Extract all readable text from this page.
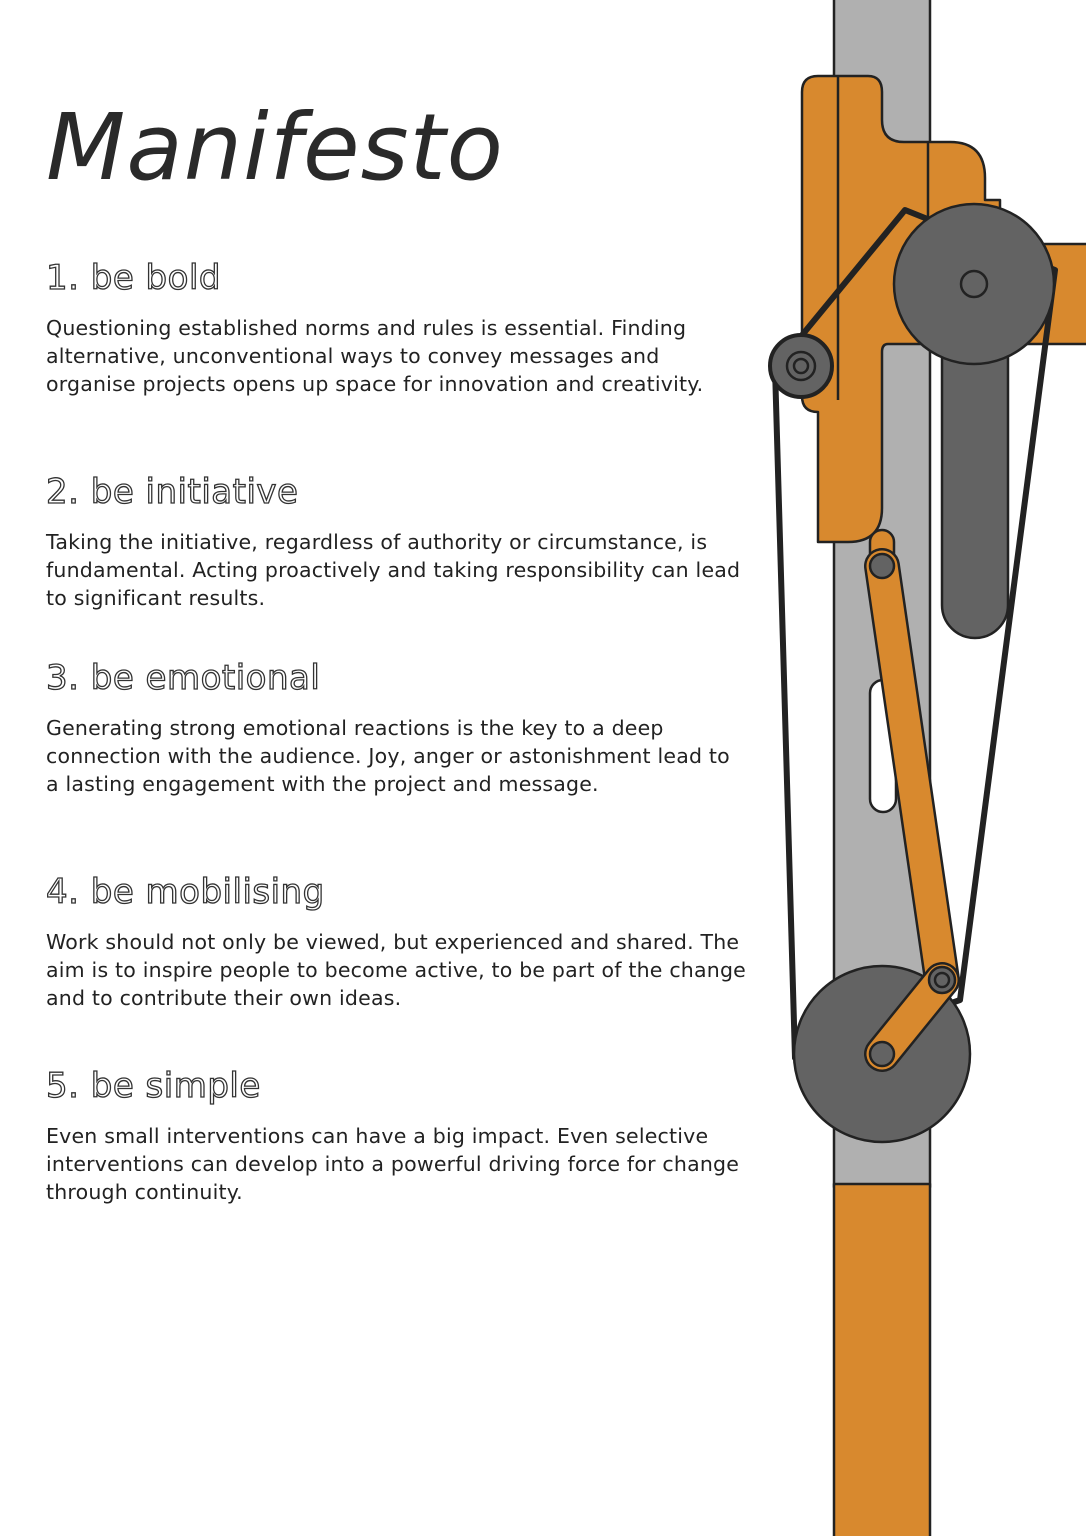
Manifesto
1. be bold

Questioning established norms and rules is essential. Finding alternative, unconventional ways to convey messages and organise projects opens up space for innovation and creativity.

2. be initiative

Taking the initiative, regardless of authority or circumstance, is fundamental. Acting proactively and taking responsibility can lead to significant results.

3. be emotional

Generating strong emotional reactions is the key to a deep connection with the audience. Joy, anger or astonishment lead to a lasting engagement with the project and message.

4. be mobilising

Work should not only be viewed, but experienced and shared. The aim is to inspire people to become active, to be part of the change and to contribute their own ideas.

5. be simple

Even small interventions can have a big impact. Even selective interventions can develop into a powerful driving force for change through continuity.
